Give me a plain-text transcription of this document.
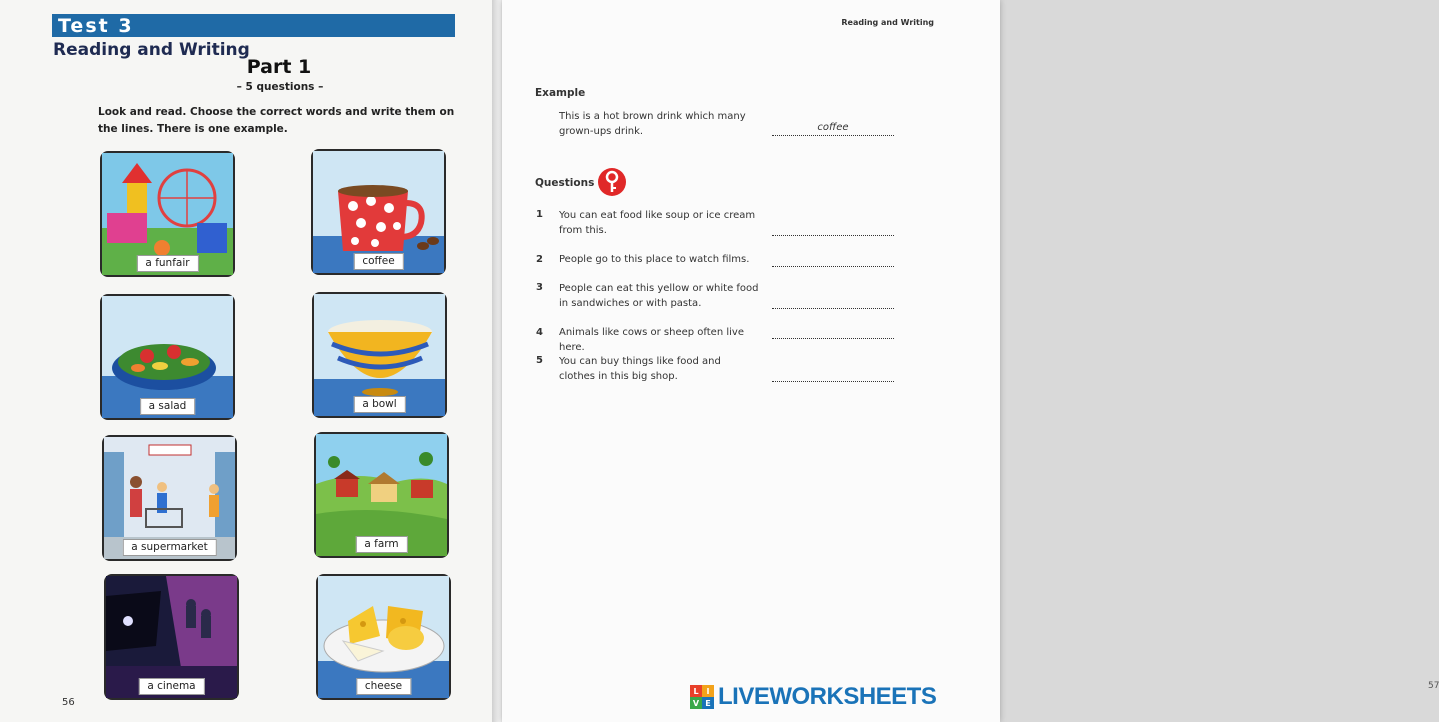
Test 3
Reading and Writing
Part 1
– 5 questions –
Look and read. Choose the correct words and write them on the lines. There is one example.
a funfair	coffee
a salad	a bowl
a supermarket	a farm
a cinema	cheese
56
Reading and Writing
Example
This is a hot brown drink which many grown-ups drink.	coffee
Questions
1 You can eat food like soup or ice cream from this.
2 People go to this place to watch films.
3 People can eat this yellow or white food in sandwiches or with pasta.
4 Animals like cows or sheep often live here.
5 You can buy things like food and clothes in this big shop.
57
L I
V E LIVEWORKSHEETS
